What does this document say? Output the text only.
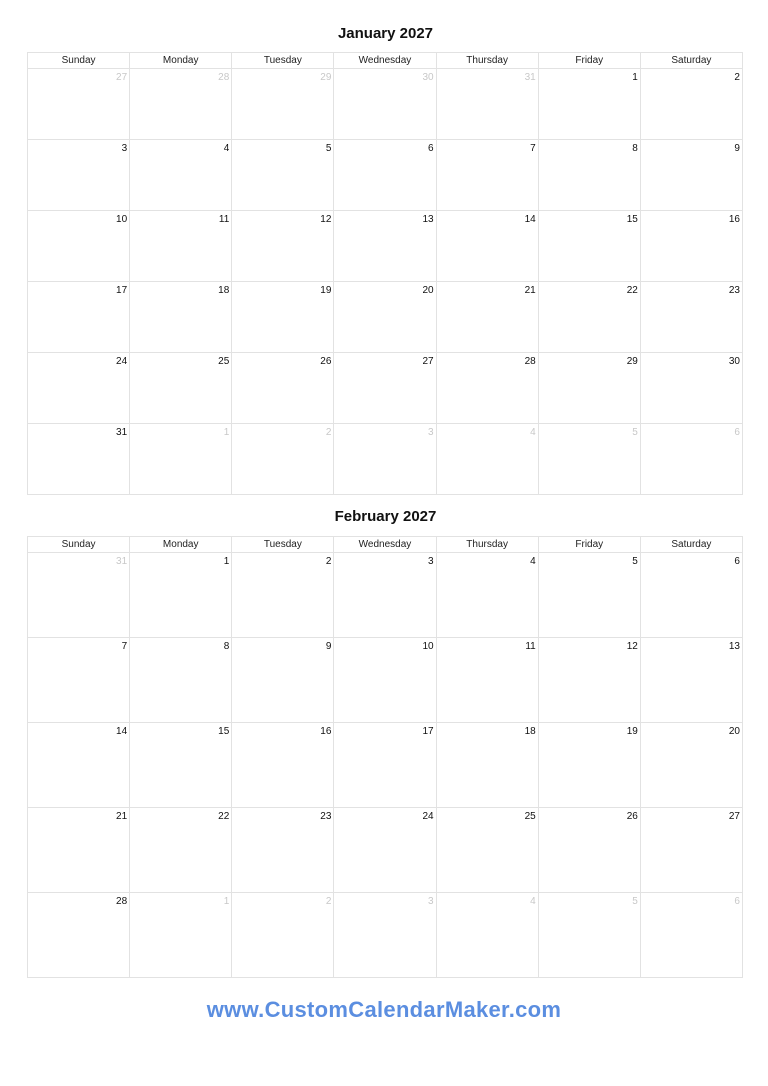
January 2027
Sunday	Monday	Tuesday	Wednesday	Thursday	Friday	Saturday
27	28	29	30	31	1	2
3	4	5	6	7	8	9
10	11	12	13	14	15	16
17	18	19	20	21	22	23
24	25	26	27	28	29	30
31	1	2	3	4	5	6
February 2027
Sunday	Monday	Tuesday	Wednesday	Thursday	Friday	Saturday
31	1	2	3	4	5	6
7	8	9	10	11	12	13
14	15	16	17	18	19	20
21	22	23	24	25	26	27
28	1	2	3	4	5	6
www.CustomCalendarMaker.com
